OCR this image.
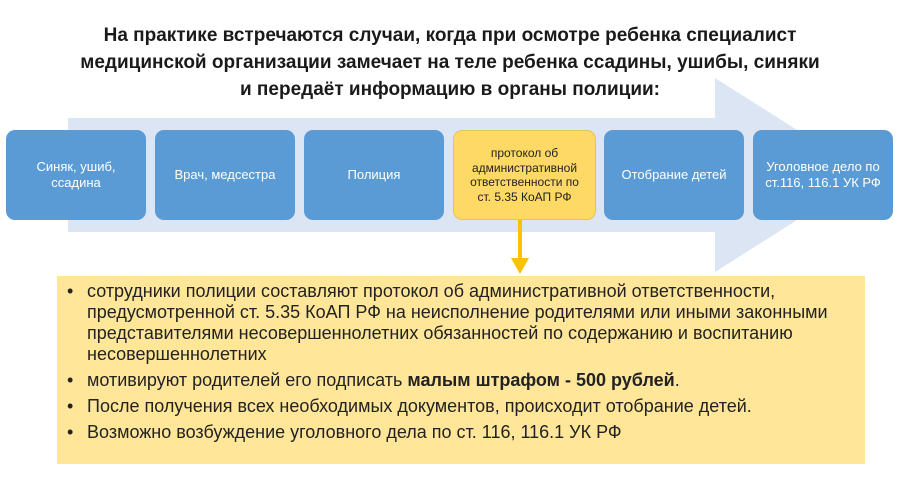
На практике встречаются случаи, когда при осмотре ребенка специалист
медицинской организации замечает на теле ребенка ссадины, ушибы, синяки
и передаёт информацию в органы полиции:
Синяк, ушиб, ссадина
Врач, медсестра	Полиция
протокол об административной ответственности по ст. 5.35 КоАП РФ
Отобрание детей
Уголовное дело по ст.116, 116.1 УК РФ
• сотрудники полиции составляют протокол об административной ответственности, предусмотренной ст. 5.35 КоАП РФ на неисполнение родителями или иными законными представителями несовершеннолетних обязанностей по содержанию и воспитанию несовершеннолетних
• мотивируют родителей его подписать малым штрафом - 500 рублей.
• После получения всех необходимых документов, происходит отобрание детей.
• Возможно возбуждение уголовного дела по ст. 116, 116.1 УК РФ
